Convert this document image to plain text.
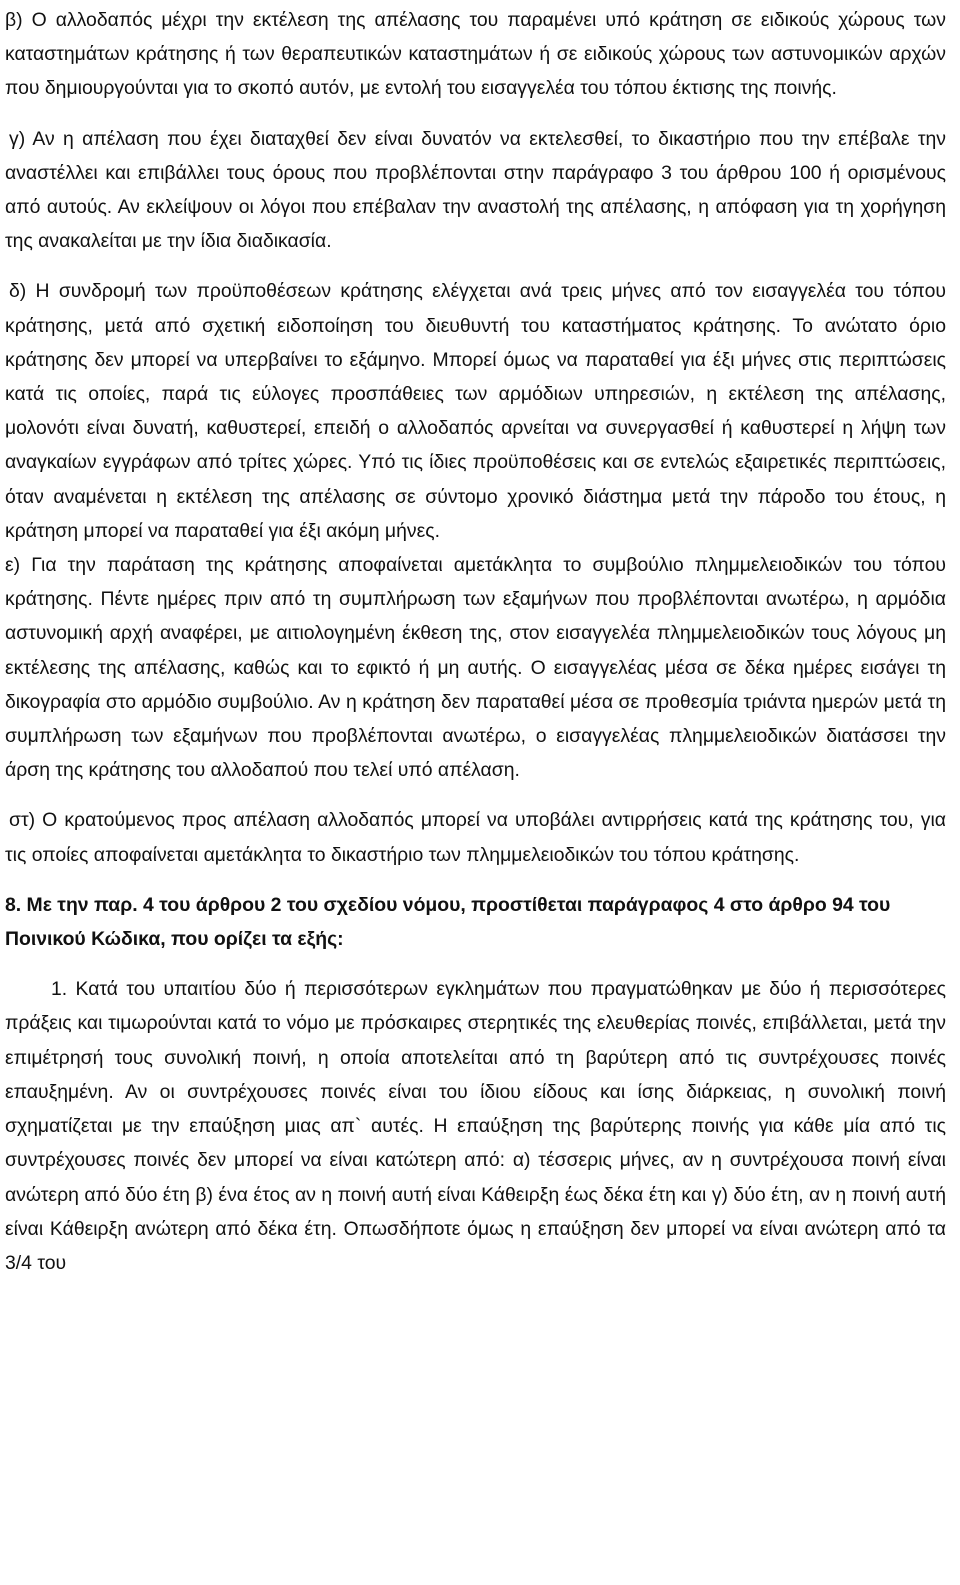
β) Ο αλλοδαπός μέχρι την εκτέλεση της απέλασης του παραμένει υπό κράτηση σε ειδικούς χώρους των καταστημάτων κράτησης ή των θεραπευτικών καταστημάτων ή σε ειδικούς χώρους των αστυνομικών αρχών που δημιουργούνται για το σκοπό αυτόν, με εντολή του εισαγγελέα του τόπου έκτισης της ποινής.

γ) Αν η απέλαση που έχει διαταχθεί δεν είναι δυνατόν να εκτελεσθεί, το δικαστήριο που την επέβαλε την αναστέλλει και επιβάλλει τους όρους που προβλέπονται στην παράγραφο 3 του άρθρου 100 ή ορισμένους από αυτούς. Αν εκλείψουν οι λόγοι που επέβαλαν την αναστολή της απέλασης, η απόφαση για τη χορήγηση της ανακαλείται με την ίδια διαδικασία.

δ) Η συνδρομή των προϋποθέσεων κράτησης ελέγχεται ανά τρεις μήνες από τον εισαγγελέα του τόπου κράτησης, μετά από σχετική ειδοποίηση του διευθυντή του καταστήματος κράτησης. Το ανώτατο όριο κράτησης δεν μπορεί να υπερβαίνει το εξάμηνο. Μπορεί όμως να παραταθεί για έξι μήνες στις περιπτώσεις κατά τις οποίες, παρά τις εύλογες προσπάθειες των αρμόδιων υπηρεσιών, η εκτέλεση της απέλασης, μολονότι είναι δυνατή, καθυστερεί, επειδή ο αλλοδαπός αρνείται να συνεργασθεί ή καθυστερεί η λήψη των αναγκαίων εγγράφων από τρίτες χώρες. Υπό τις ίδιες προϋποθέσεις και σε εντελώς εξαιρετικές περιπτώσεις, όταν αναμένεται η εκτέλεση της απέλασης σε σύντομο χρονικό διάστημα μετά την πάροδο του έτους, η κράτηση μπορεί να παραταθεί για έξι ακόμη μήνες.

ε) Για την παράταση της κράτησης αποφαίνεται αμετάκλητα το συμβούλιο πλημμελειοδικών του τόπου κράτησης. Πέντε ημέρες πριν από τη συμπλήρωση των εξαμήνων που προβλέπονται ανωτέρω, η αρμόδια αστυνομική αρχή αναφέρει, με αιτιολογημένη έκθεση της, στον εισαγγελέα πλημμελειοδικών τους λόγους μη εκτέλεσης της απέλασης, καθώς και το εφικτό ή μη αυτής. Ο εισαγγελέας μέσα σε δέκα ημέρες εισάγει τη δικογραφία στο αρμόδιο συμβούλιο. Αν η κράτηση δεν παραταθεί μέσα σε προθεσμία τριάντα ημερών μετά τη συμπλήρωση των εξαμήνων που προβλέπονται ανωτέρω, ο εισαγγελέας πλημμελειοδικών διατάσσει την άρση της κράτησης του αλλοδαπού που τελεί υπό απέλαση.

στ) Ο κρατούμενος προς απέλαση αλλοδαπός μπορεί να υποβάλει αντιρρήσεις κατά της κράτησης του, για τις οποίες αποφαίνεται αμετάκλητα το δικαστήριο των πλημμελειοδικών του τόπου κράτησης.

8. Με την παρ. 4 του άρθρου 2 του σχεδίου νόμου, προστίθεται παράγραφος 4 στο άρθρο 94 του Ποινικού Κώδικα, που ορίζει τα εξής:

1. Κατά του υπαιτίου δύο ή περισσότερων εγκλημάτων που πραγματώθηκαν με δύο ή περισσότερες πράξεις και τιμωρούνται κατά το νόμο με πρόσκαιρες στερητικές της ελευθερίας ποινές, επιβάλλεται, μετά την επιμέτρησή τους συνολική ποινή, η οποία αποτελείται από τη βαρύτερη από τις συντρέχουσες ποινές επαυξημένη. Αν οι συντρέχουσες ποινές είναι του ίδιου είδους και ίσης διάρκειας, η συνολική ποινή σχηματίζεται με την επαύξηση μιας απ` αυτές. Η επαύξηση της βαρύτερης ποινής για κάθε μία από τις συντρέχουσες ποινές δεν μπορεί να είναι κατώτερη από: α) τέσσερις μήνες, αν η συντρέχουσα ποινή είναι ανώτερη από δύο έτη β) ένα έτος αν η ποινή αυτή είναι Κάθειρξη έως δέκα έτη και γ) δύο έτη, αν η ποινή αυτή είναι Κάθειρξη ανώτερη από δέκα έτη. Οπωσδήποτε όμως η επαύξηση δεν μπορεί να είναι ανώτερη από τα 3/4 του
